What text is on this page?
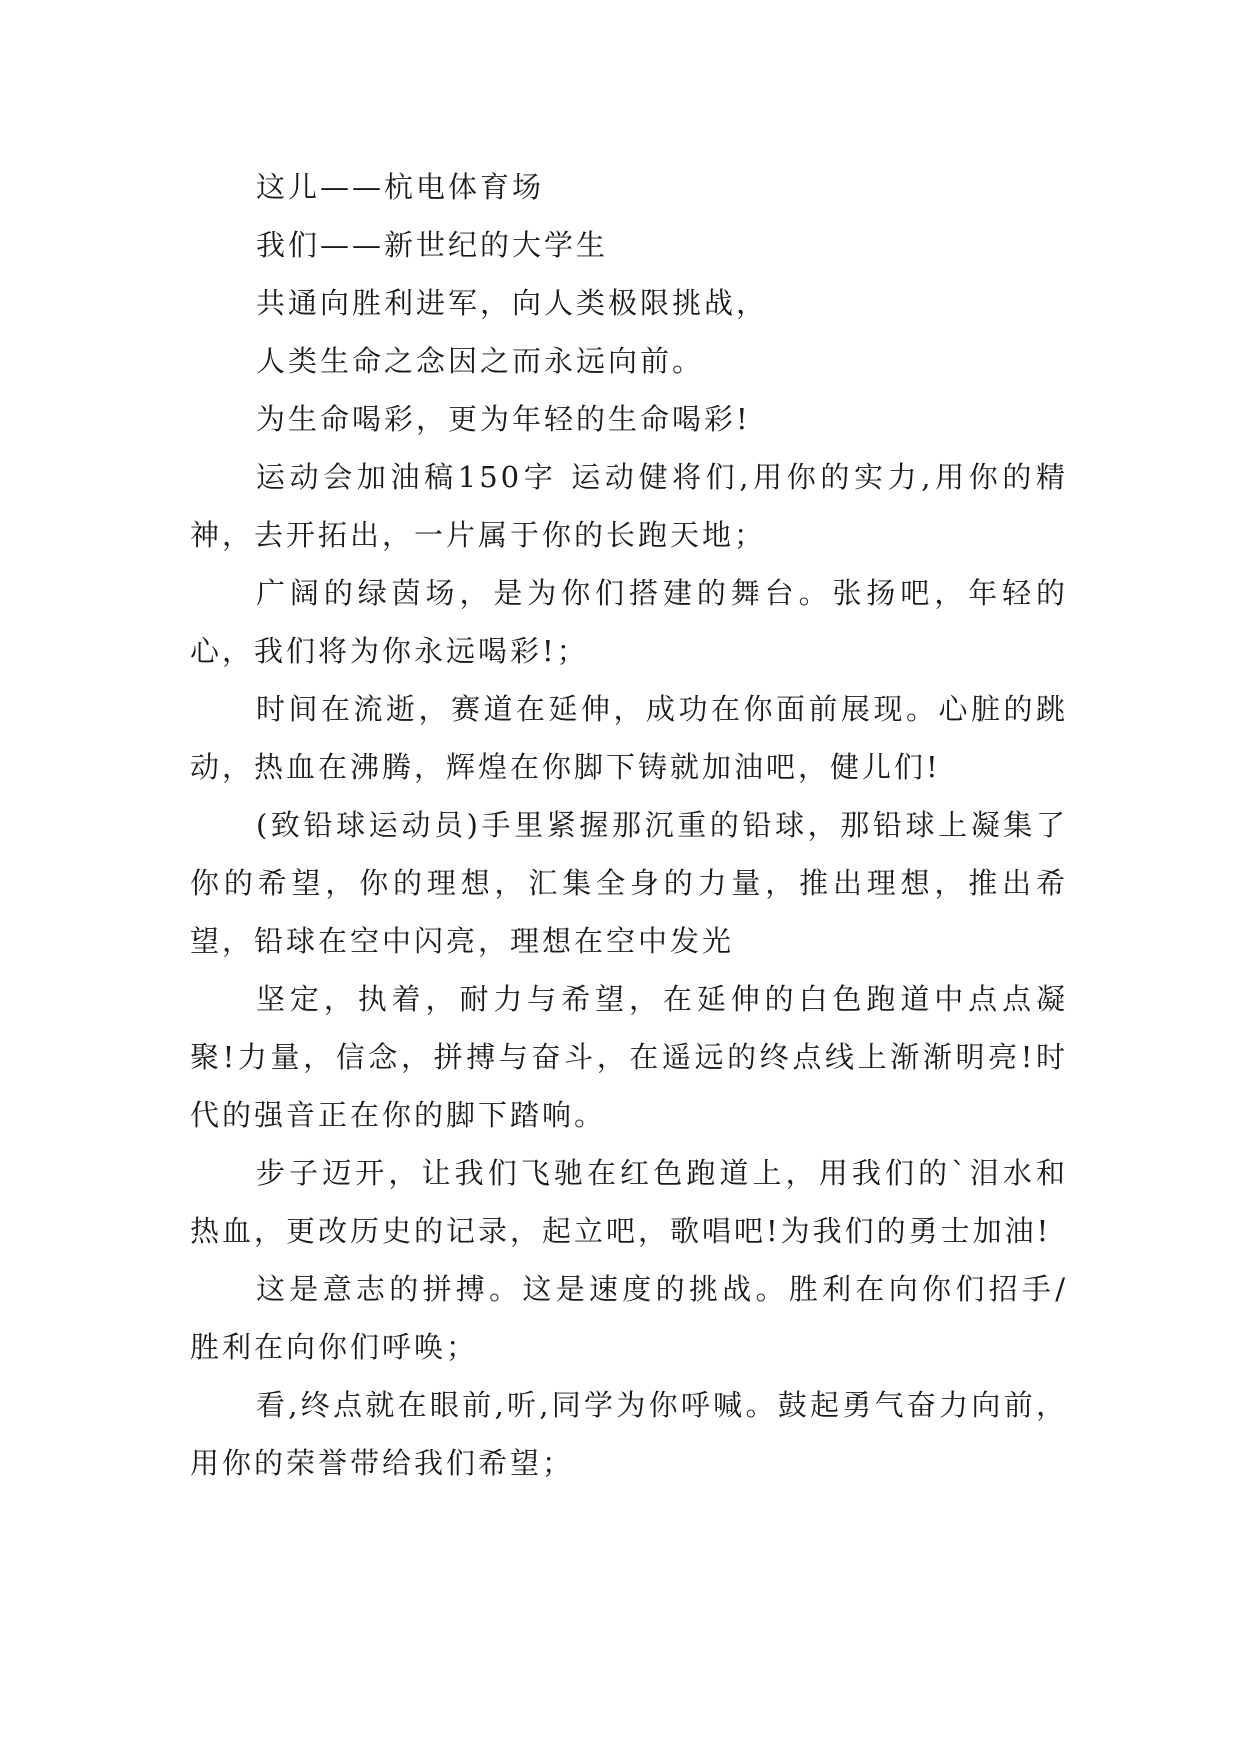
这儿——杭电体育场

我们——新世纪的大学生

共通向胜利进军，向人类极限挑战，

人类生命之念因之而永远向前。

为生命喝彩，更为年轻的生命喝彩!

运动会加油稿150字 运动健将们,用你的实力,用你的精神，去开拓出，一片属于你的长跑天地；

广阔的绿茵场，是为你们搭建的舞台。张扬吧，年轻的心，我们将为你永远喝彩!；

时间在流逝，赛道在延伸，成功在你面前展现。心脏的跳动，热血在沸腾，辉煌在你脚下铸就加油吧，健儿们!

(致铅球运动员)手里紧握那沉重的铅球，那铅球上凝集了你的希望，你的理想，汇集全身的力量，推出理想，推出希望，铅球在空中闪亮，理想在空中发光

坚定，执着，耐力与希望，在延伸的白色跑道中点点凝聚!力量，信念，拼搏与奋斗，在遥远的终点线上渐渐明亮!时代的强音正在你的脚下踏响。

步子迈开，让我们飞驰在红色跑道上，用我们的`泪水和热血，更改历史的记录，起立吧，歌唱吧!为我们的勇士加油!

这是意志的拼搏。这是速度的挑战。胜利在向你们招手/胜利在向你们呼唤；

看,终点就在眼前,听,同学为你呼喊。鼓起勇气奋力向前，用你的荣誉带给我们希望；
